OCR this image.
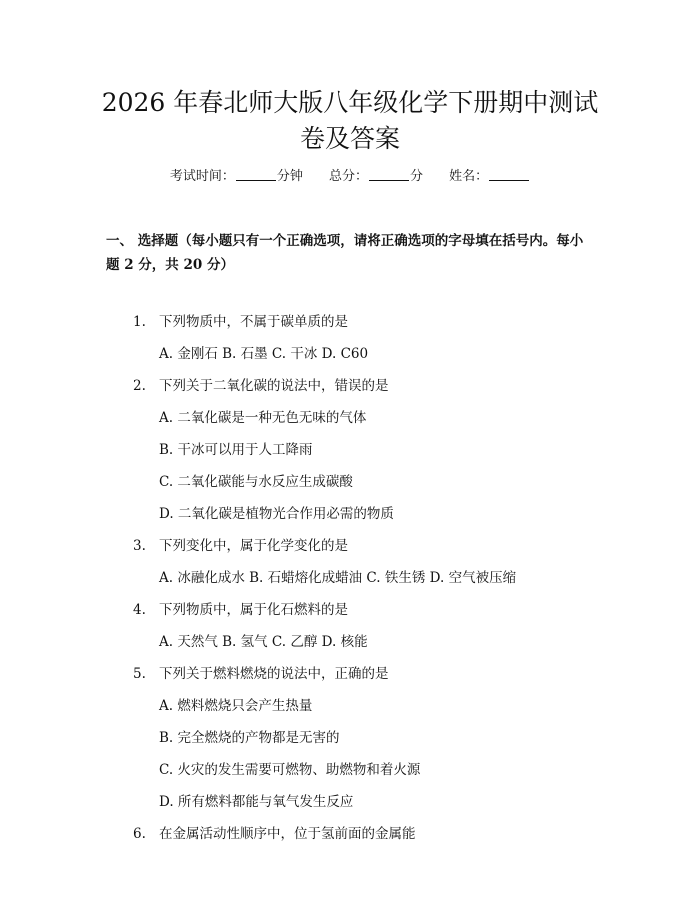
2026 年春北师大版八年级化学下册期中测试
卷及答案
考试时间：	分钟 总分：	分 姓名：

一、 选择题（每小题只有一个正确选项，请将正确选项的字母填在括号内。每小

题 2 分，共 20 分）

1. 下列物质中，不属于碳单质的是
A. 金刚石 B. 石墨 C. 干冰 D. C60
2. 下列关于二氧化碳的说法中，错误的是
A. 二氧化碳是一种无色无味的气体
B. 干冰可以用于人工降雨
C. 二氧化碳能与水反应生成碳酸
D. 二氧化碳是植物光合作用必需的物质
3. 下列变化中，属于化学变化的是
A. 冰融化成水 B. 石蜡熔化成蜡油 C. 铁生锈 D. 空气被压缩
4. 下列物质中，属于化石燃料的是
A. 天然气 B. 氢气 C. 乙醇 D. 核能
5. 下列关于燃料燃烧的说法中，正确的是
A. 燃料燃烧只会产生热量
B. 完全燃烧的产物都是无害的
C. 火灾的发生需要可燃物、助燃物和着火源
D. 所有燃料都能与氧气发生反应
6. 在金属活动性顺序中，位于氢前面的金属能
